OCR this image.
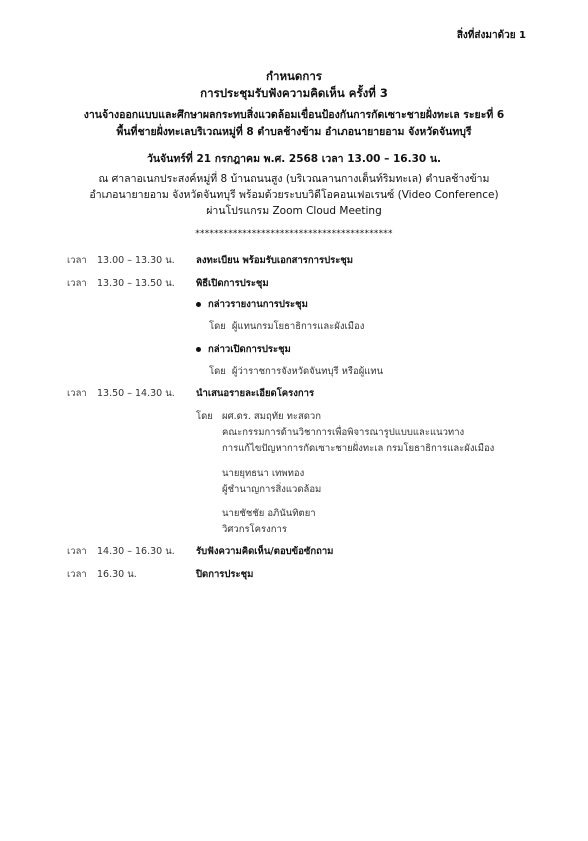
สิ่งที่ส่งมาด้วย 1
กำหนดการ
การประชุมรับฟังความคิดเห็น ครั้งที่ 3
งานจ้างออกแบบและศึกษาผลกระทบสิ่งแวดล้อมเขื่อนป้องกันการกัดเซาะชายฝั่งทะเล ระยะที่ 6
พื้นที่ชายฝั่งทะเลบริเวณหมู่ที่ 8 ตำบลช้างข้าม อำเภอนายายอาม จังหวัดจันทบุรี
วันจันทร์ที่ 21 กรกฎาคม พ.ศ. 2568 เวลา 13.00 – 16.30 น.
ณ ศาลาอเนกประสงค์หมู่ที่ 8 บ้านถนนสูง (บริเวณลานกางเต็นท์ริมทะเล) ตำบลช้างข้าม
อำเภอนายายอาม จังหวัดจันทบุรี พร้อมด้วยระบบวิดีโอคอนเฟอเรนซ์ (Video Conference)
ผ่านโปรแกรม Zoom Cloud Meeting
******************************************
เวลา 13.00 – 13.30 น. ลงทะเบียน พร้อมรับเอกสารการประชุม
เวลา 13.30 – 13.50 น. พิธีเปิดการประชุม
กล่าวรายงานการประชุม
โดย ผู้แทนกรมโยธาธิการและผังเมือง
กล่าวเปิดการประชุม
โดย ผู้ว่าราชการจังหวัดจันทบุรี หรือผู้แทน
เวลา 13.50 – 14.30 น. นำเสนอรายละเอียดโครงการ
โดย ผศ.ดร. สมฤทัย ทะสดวก
คณะกรรมการด้านวิชาการเพื่อพิจารณารูปแบบและแนวทาง
การแก้ไขปัญหาการกัดเซาะชายฝั่งทะเล กรมโยธาธิการและผังเมือง
นายยุทธนา เทพทอง
ผู้ชำนาญการสิ่งแวดล้อม
นายชัชชัย อภินันทิตยา
วิศวกรโครงการ
เวลา 14.30 – 16.30 น. รับฟังความคิดเห็น/ตอบข้อซักถาม
เวลา 16.30 น.	ปิดการประชุม
